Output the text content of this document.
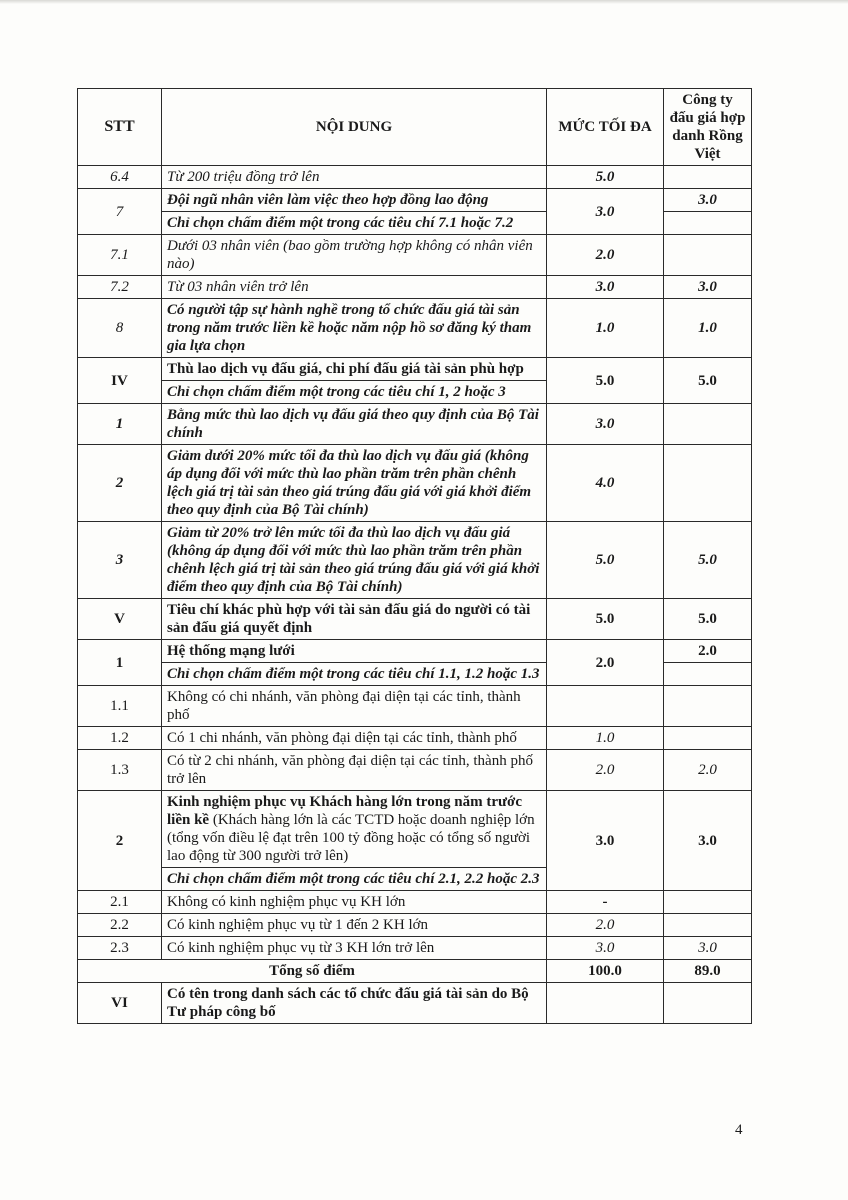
STT	NỘI DUNG	MỨC TỐI ĐA	Công ty đấu giá hợp danh Rồng Việt
6.4	Từ 200 triệu đồng trở lên	5.0	
7	Đội ngũ nhân viên làm việc theo hợp đồng lao động	3.0	3.0
	Chỉ chọn chấm điểm một trong các tiêu chí 7.1 hoặc 7.2		
7.1	Dưới 03 nhân viên (bao gồm trường hợp không có nhân viên nào)	2.0	
7.2	Từ 03 nhân viên trở lên	3.0	3.0
8	Có người tập sự hành nghề trong tổ chức đấu giá tài sản trong năm trước liền kề hoặc năm nộp hồ sơ đăng ký tham gia lựa chọn	1.0	1.0
IV	Thù lao dịch vụ đấu giá, chi phí đấu giá tài sản phù hợp	5.0	5.0
	Chỉ chọn chấm điểm một trong các tiêu chí 1, 2 hoặc 3		
1	Bằng mức thù lao dịch vụ đấu giá theo quy định của Bộ Tài chính	3.0	
2	Giảm dưới 20% mức tối đa thù lao dịch vụ đấu giá (không áp dụng đối với mức thù lao phần trăm trên phần chênh lệch giá trị tài sản theo giá trúng đấu giá với giá khởi điểm theo quy định của Bộ Tài chính)	4.0	
3	Giảm từ 20% trở lên mức tối đa thù lao dịch vụ đấu giá (không áp dụng đối với mức thù lao phần trăm trên phần chênh lệch giá trị tài sản theo giá trúng đấu giá với giá khởi điểm theo quy định của Bộ Tài chính)	5.0	5.0
V	Tiêu chí khác phù hợp với tài sản đấu giá do người có tài sản đấu giá quyết định	5.0	5.0
1	Hệ thống mạng lưới	2.0	2.0
	Chỉ chọn chấm điểm một trong các tiêu chí 1.1, 1.2 hoặc 1.3		
1.1	Không có chi nhánh, văn phòng đại diện tại các tỉnh, thành phố		
1.2	Có 1 chi nhánh, văn phòng đại diện tại các tỉnh, thành phố	1.0	
1.3	Có từ 2 chi nhánh, văn phòng đại diện tại các tỉnh, thành phố trở lên	2.0	2.0
2	Kinh nghiệm phục vụ Khách hàng lớn trong năm trước liền kề (Khách hàng lớn là các TCTD hoặc doanh nghiệp lớn (tổng vốn điều lệ đạt trên 100 tỷ đồng hoặc có tổng số người lao động từ 300 người trở lên)	3.0	3.0
	Chỉ chọn chấm điểm một trong các tiêu chí 2.1, 2.2 hoặc 2.3		
2.1	Không có kinh nghiệm phục vụ KH lớn	-	
2.2	Có kinh nghiệm phục vụ từ 1 đến 2 KH lớn	2.0	
2.3	Có kinh nghiệm phục vụ từ 3 KH lớn trở lên	3.0	3.0
Tổng số điểm		100.0	89.0
VI	Có tên trong danh sách các tổ chức đấu giá tài sản do Bộ Tư pháp công bố		
4
